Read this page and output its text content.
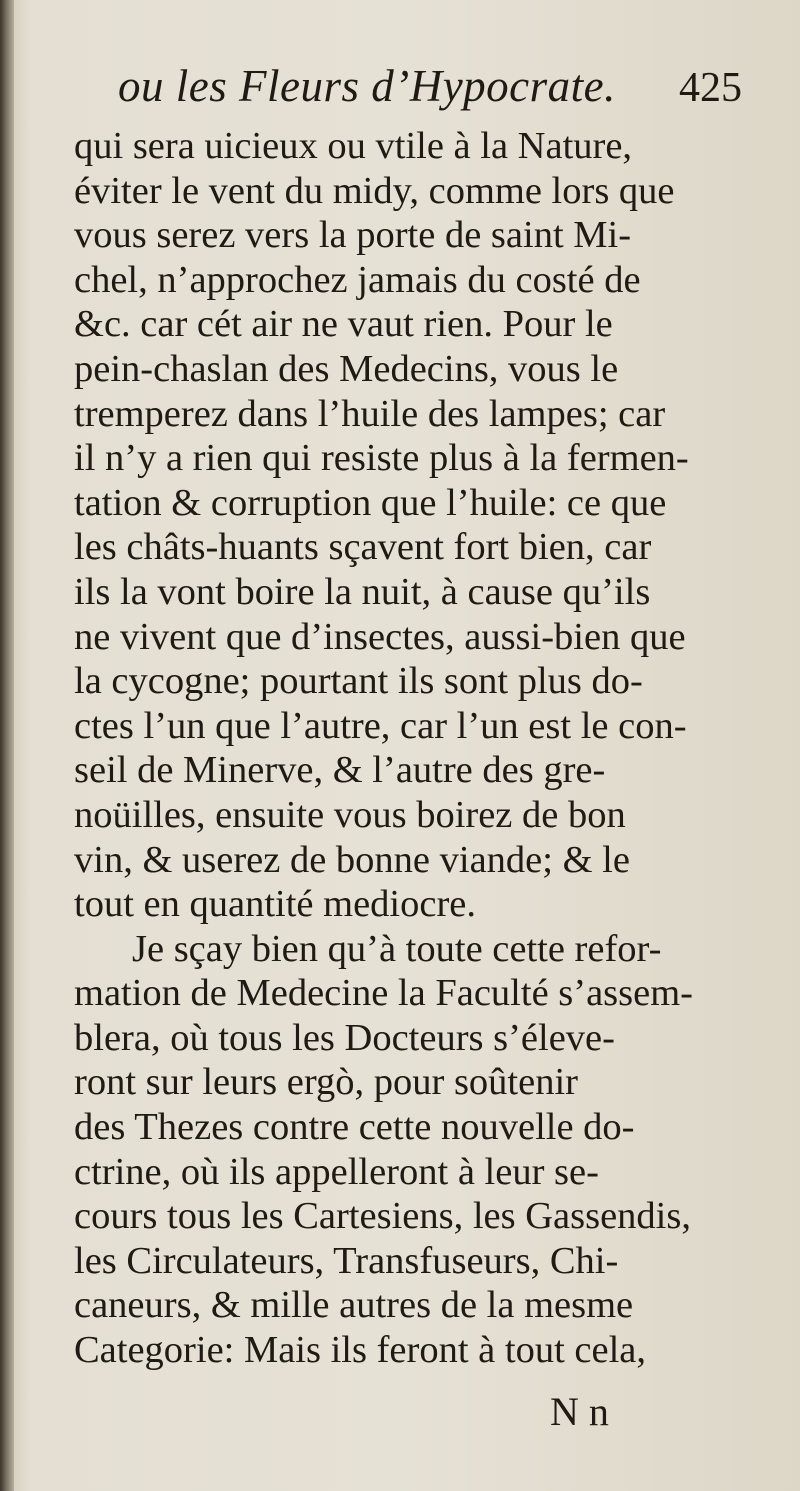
ou les Fleurs d’Hypocrate. 425
qui sera uicieux ou vtile à la Nature,
éviter le vent du midy, comme lors que
vous serez vers la porte de saint Mi-
chel, n’approchez jamais du costé de
&c. car cét air ne vaut rien. Pour le
pein-chaslan des Medecins, vous le
tremperez dans l’huile des lampes; car
il n’y a rien qui resiste plus à la fermen-
tation & corruption que l’huile: ce que
les châts-huants sçavent fort bien, car
ils la vont boire la nuit, à cause qu’ils
ne vivent que d’insectes, aussi-bien que
la cycogne; pourtant ils sont plus do-
ctes l’un que l’autre, car l’un est le con-
seil de Minerve, & l’autre des gre-
noüilles, ensuite vous boirez de bon
vin, & userez de bonne viande; & le
tout en quantité mediocre.
Je sçay bien qu’à toute cette refor-
mation de Medecine la Faculté s’assem-
blera, où tous les Docteurs s’éleve-
ront sur leurs ergò, pour soûtenir
des Thezes contre cette nouvelle do-
ctrine, où ils appelleront à leur se-
cours tous les Cartesiens, les Gassendis,
les Circulateurs, Transfuseurs, Chi-
caneurs, & mille autres de la mesme
Categorie: Mais ils feront à tout cela,
N n
